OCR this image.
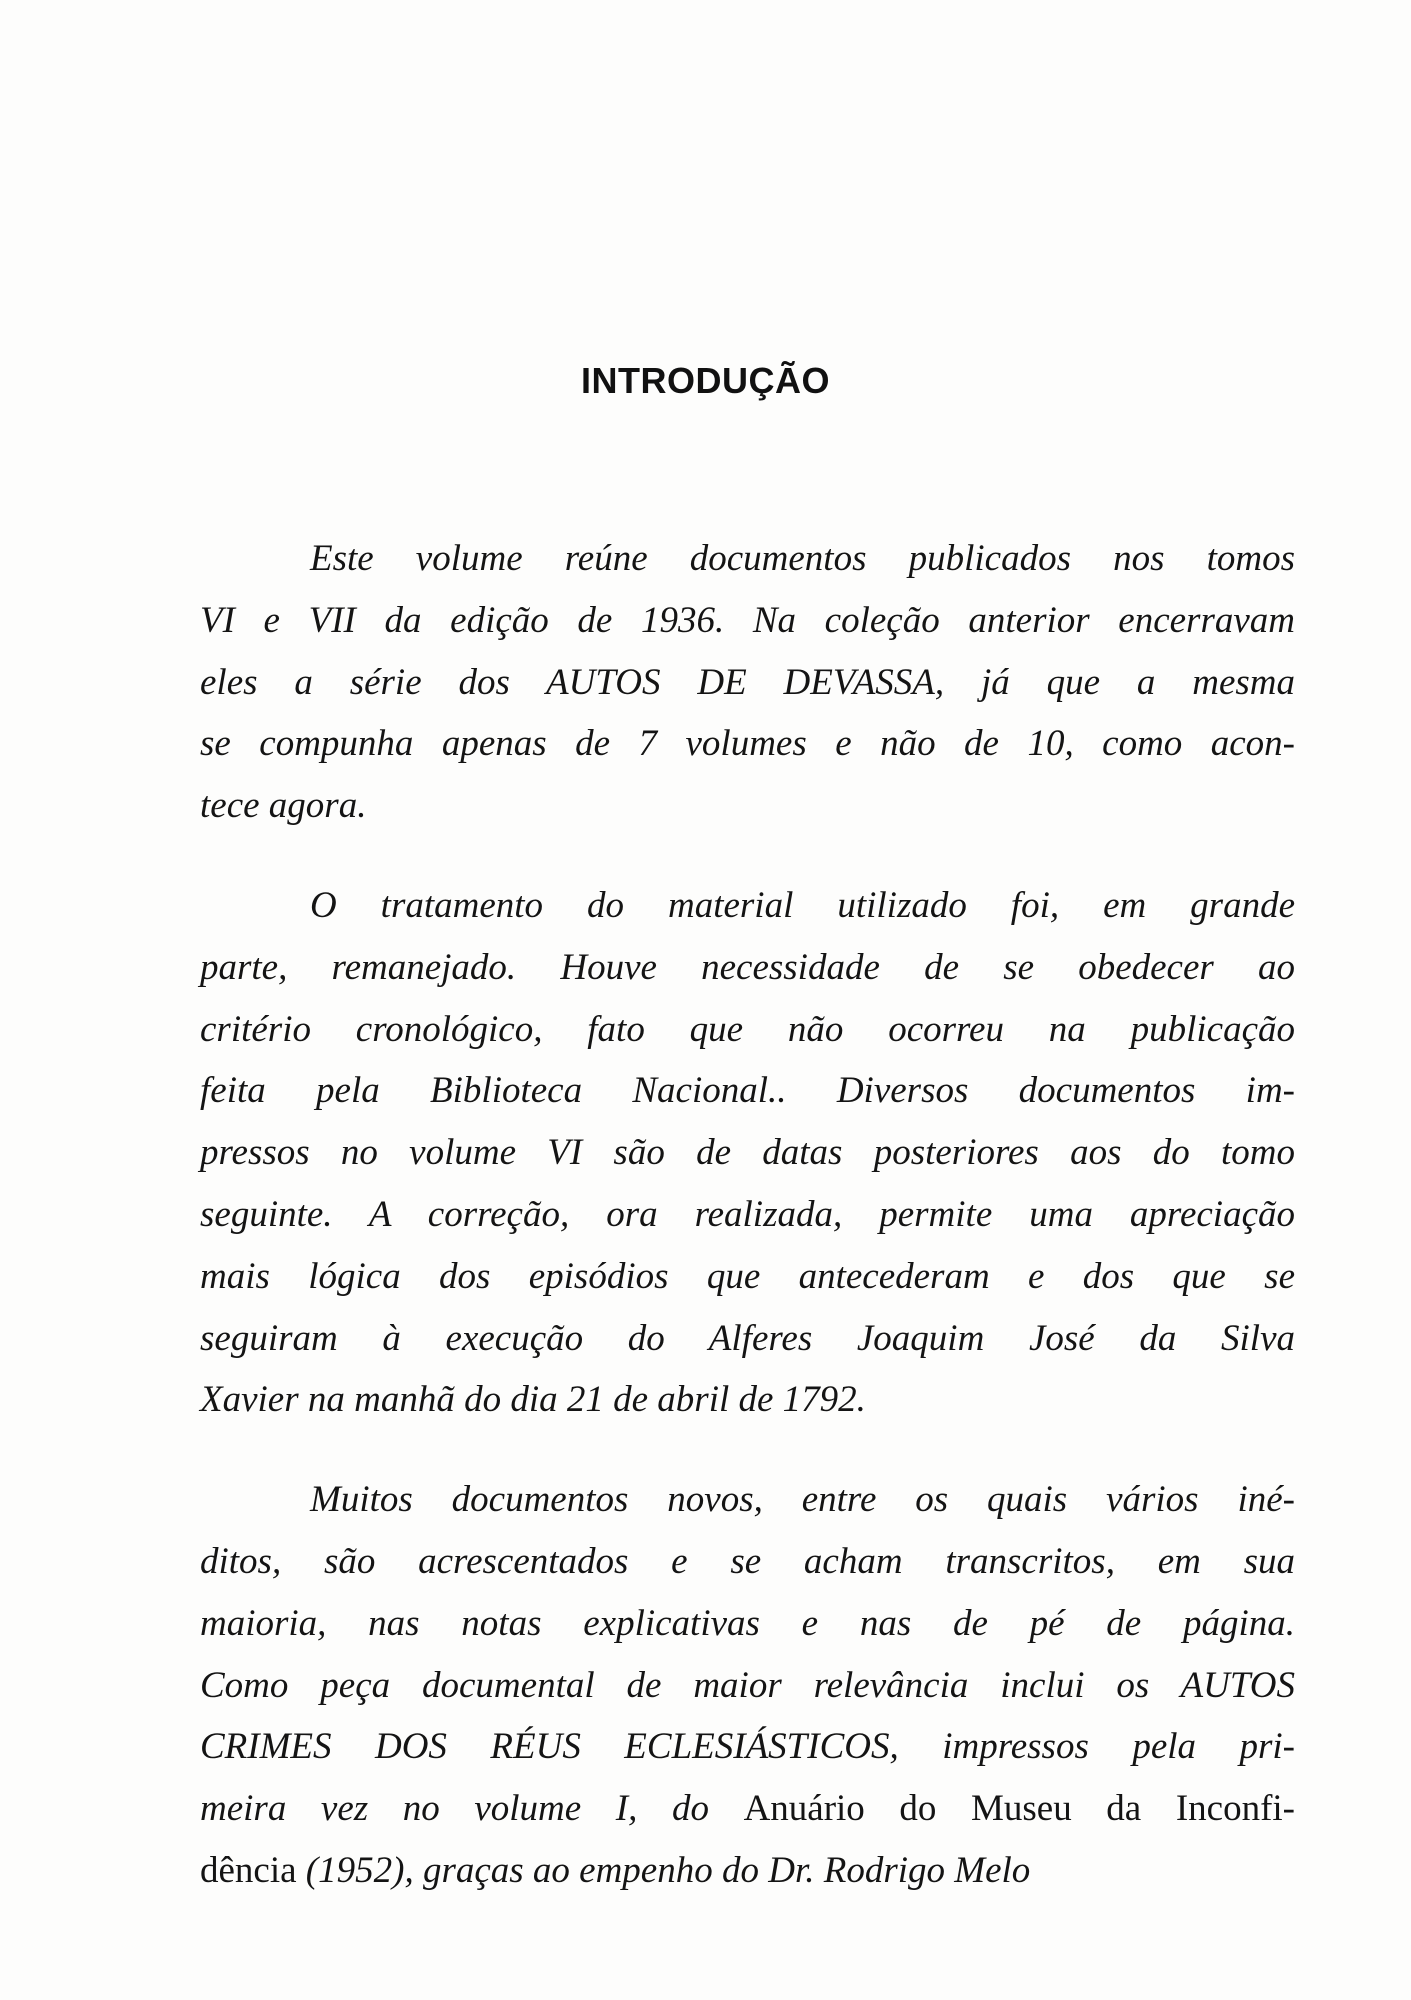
INTRODUÇÃO

Este volume reúne documentos publicados nos tomos
VI e VII da edição de 1936. Na coleção anterior encerravam
eles a série dos AUTOS DE DEVASSA, já que a mesma
se compunha apenas de 7 volumes e não de 10, como acon-
tece agora.

O tratamento do material utilizado foi, em grande
parte, remanejado. Houve necessidade de se obedecer ao
critério cronológico, fato que não ocorreu na publicação
feita pela Biblioteca Nacional.. Diversos documentos im-
pressos no volume VI são de datas posteriores aos do tomo
seguinte. A correção, ora realizada, permite uma apreciação
mais lógica dos episódios que antecederam e dos que se
seguiram à execução do Alferes Joaquim José da Silva
Xavier na manhã do dia 21 de abril de 1792.

Muitos documentos novos, entre os quais vários iné-
ditos, são acrescentados e se acham transcritos, em sua
maioria, nas notas explicativas e nas de pé de página.
Como peça documental de maior relevância inclui os AUTOS
CRIMES DOS RÉUS ECLESIÁSTICOS, impressos pela pri-
meira vez no volume I, do Anuário do Museu da Inconfi-
dência (1952), graças ao empenho do Dr. Rodrigo Melo
